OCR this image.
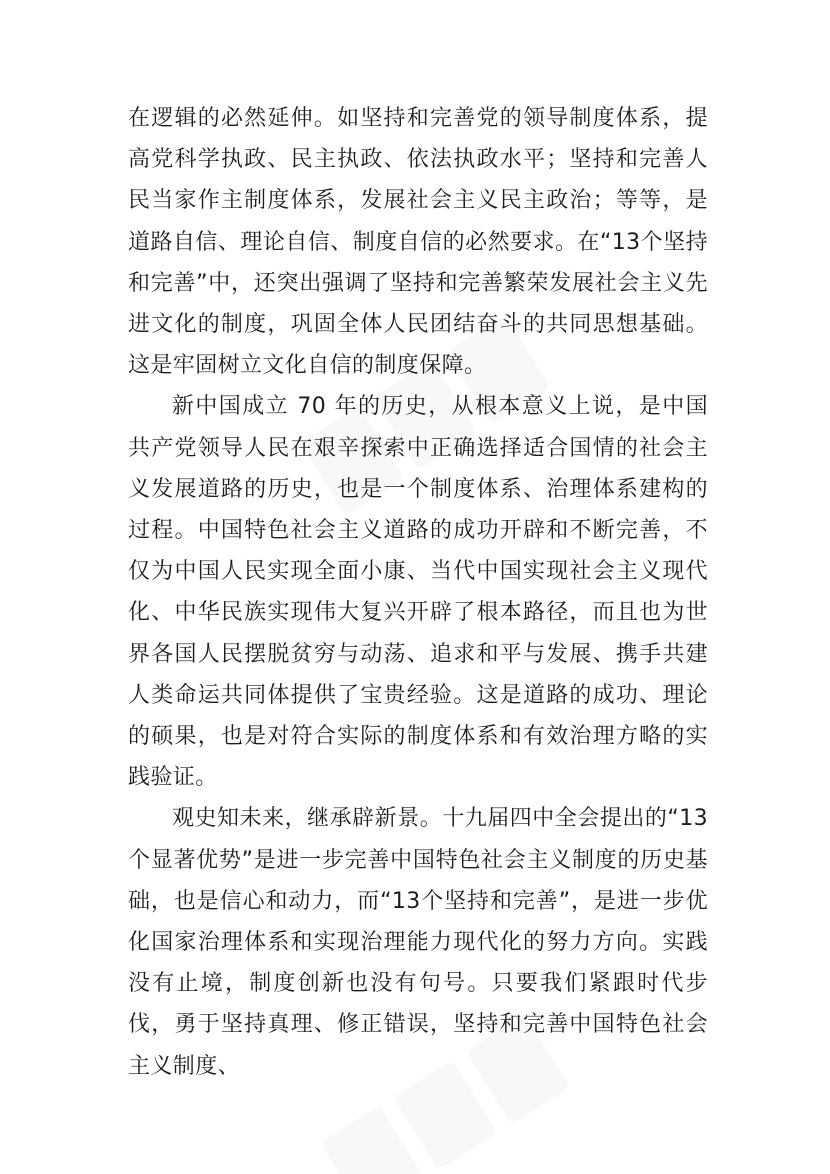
在逻辑的必然延伸。如坚持和完善党的领导制度体系，提高党科学执政、民主执政、依法执政水平；坚持和完善人民当家作主制度体系，发展社会主义民主政治；等等，是道路自信、理论自信、制度自信的必然要求。在“13个坚持和完善”中，还突出强调了坚持和完善繁荣发展社会主义先进文化的制度，巩固全体人民团结奋斗的共同思想基础。这是牢固树立文化自信的制度保障。

新中国成立 70 年的历史，从根本意义上说，是中国共产党领导人民在艰辛探索中正确选择适合国情的社会主义发展道路的历史，也是一个制度体系、治理体系建构的过程。中国特色社会主义道路的成功开辟和不断完善，不仅为中国人民实现全面小康、当代中国实现社会主义现代化、中华民族实现伟大复兴开辟了根本路径，而且也为世界各国人民摆脱贫穷与动荡、追求和平与发展、携手共建人类命运共同体提供了宝贵经验。这是道路的成功、理论的硕果，也是对符合实际的制度体系和有效治理方略的实践验证。

观史知未来，继承辟新景。十九届四中全会提出的“13个显著优势”是进一步完善中国特色社会主义制度的历史基础，也是信心和动力，而“13个坚持和完善”，是进一步优化国家治理体系和实现治理能力现代化的努力方向。实践没有止境，制度创新也没有句号。只要我们紧跟时代步伐，勇于坚持真理、修正错误，坚持和完善中国特色社会主义制度、
